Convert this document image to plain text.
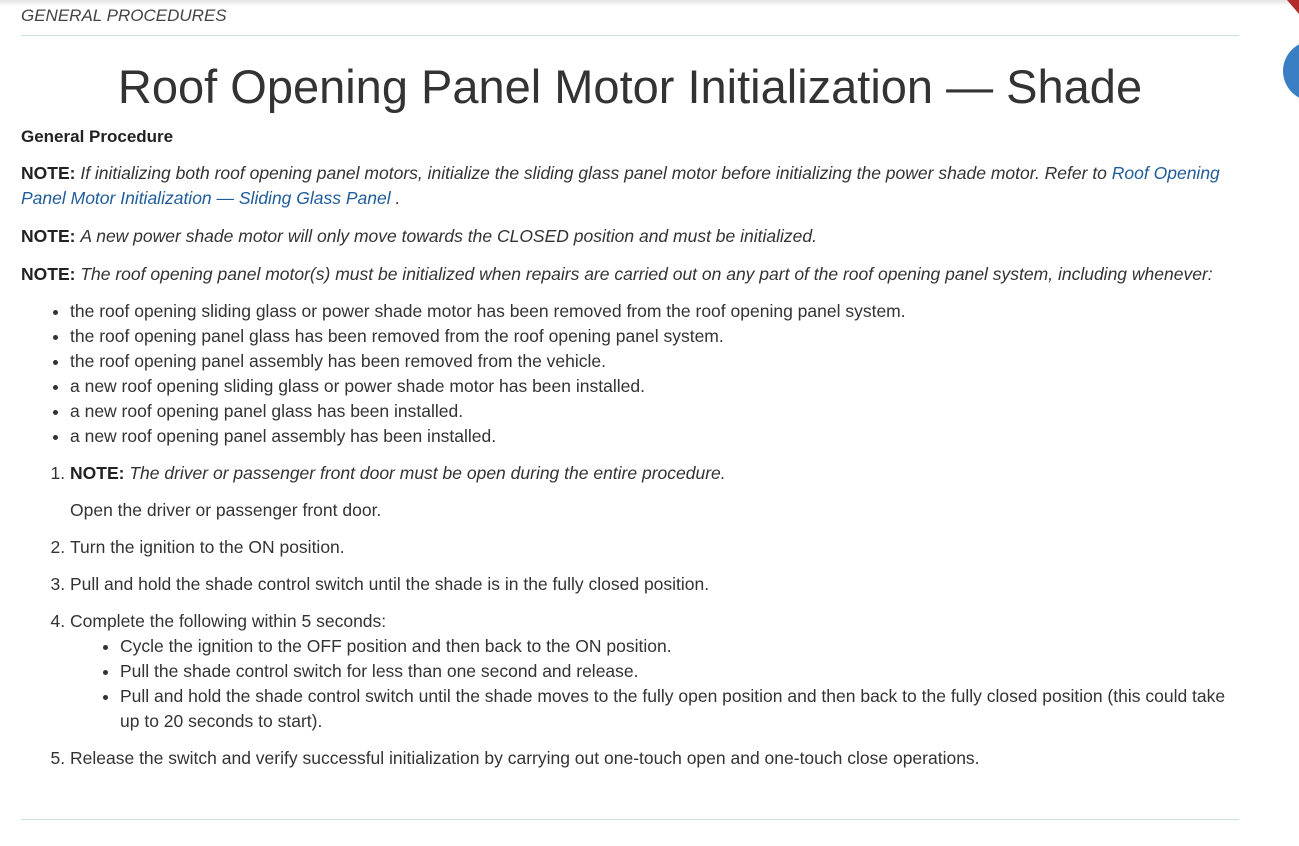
GENERAL PROCEDURES
Roof Opening Panel Motor Initialization — Shade
General Procedure

NOTE: If initializing both roof opening panel motors, initialize the sliding glass panel motor before initializing the power shade motor. Refer to Roof Opening Panel Motor Initialization — Sliding Glass Panel .

NOTE: A new power shade motor will only move towards the CLOSED position and must be initialized.

NOTE: The roof opening panel motor(s) must be initialized when repairs are carried out on any part of the roof opening panel system, including whenever:

• the roof opening sliding glass or power shade motor has been removed from the roof opening panel system.
• the roof opening panel glass has been removed from the roof opening panel system.
• the roof opening panel assembly has been removed from the vehicle.
• a new roof opening sliding glass or power shade motor has been installed.
• a new roof opening panel glass has been installed.
• a new roof opening panel assembly has been installed.
1. NOTE: The driver or passenger front door must be open during the entire procedure.
Open the driver or passenger front door.
2. Turn the ignition to the ON position.
3. Pull and hold the shade control switch until the shade is in the fully closed position.
4. Complete the following within 5 seconds:
• Cycle the ignition to the OFF position and then back to the ON position.
• Pull the shade control switch for less than one second and release.
• Pull and hold the shade control switch until the shade moves to the fully open position and then back to the fully closed position (this could take up to 20 seconds to start).
5. Release the switch and verify successful initialization by carrying out one-touch open and one-touch close operations.
